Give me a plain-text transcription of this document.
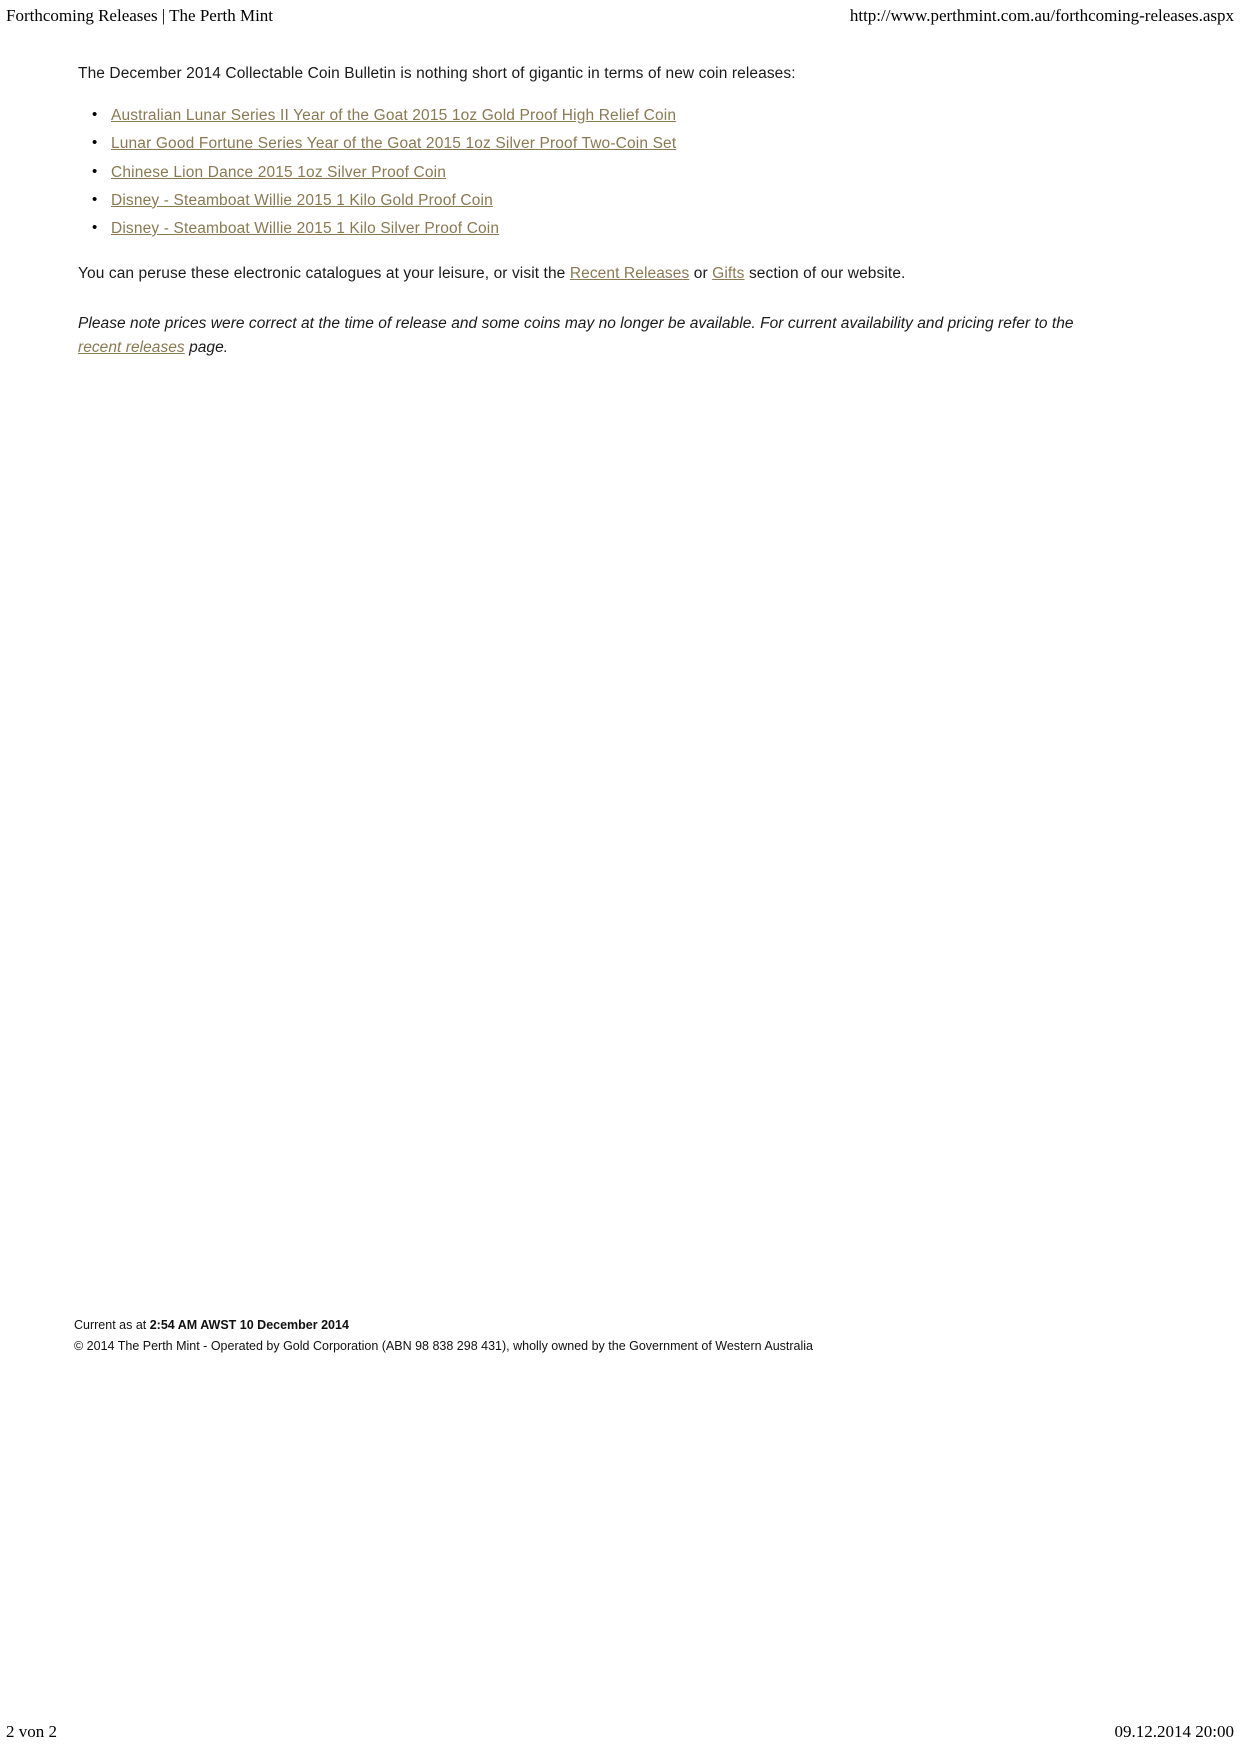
Forthcoming Releases | The Perth Mint	http://www.perthmint.com.au/forthcoming-releases.aspx

The December 2014 Collectable Coin Bulletin is nothing short of gigantic in terms of new coin releases:

• Australian Lunar Series II Year of the Goat 2015 1oz Gold Proof High Relief Coin
• Lunar Good Fortune Series Year of the Goat 2015 1oz Silver Proof Two-Coin Set
• Chinese Lion Dance 2015 1oz Silver Proof Coin
• Disney - Steamboat Willie 2015 1 Kilo Gold Proof Coin
• Disney - Steamboat Willie 2015 1 Kilo Silver Proof Coin

You can peruse these electronic catalogues at your leisure, or visit the Recent Releases or Gifts section of our website.

Please note prices were correct at the time of release and some coins may no longer be available. For current availability and pricing refer to the recent releases page.

Current as at 2:54 AM AWST 10 December 2014
© 2014 The Perth Mint - Operated by Gold Corporation (ABN 98 838 298 431), wholly owned by the Government of Western Australia
2 von 2	09.12.2014 20:00
